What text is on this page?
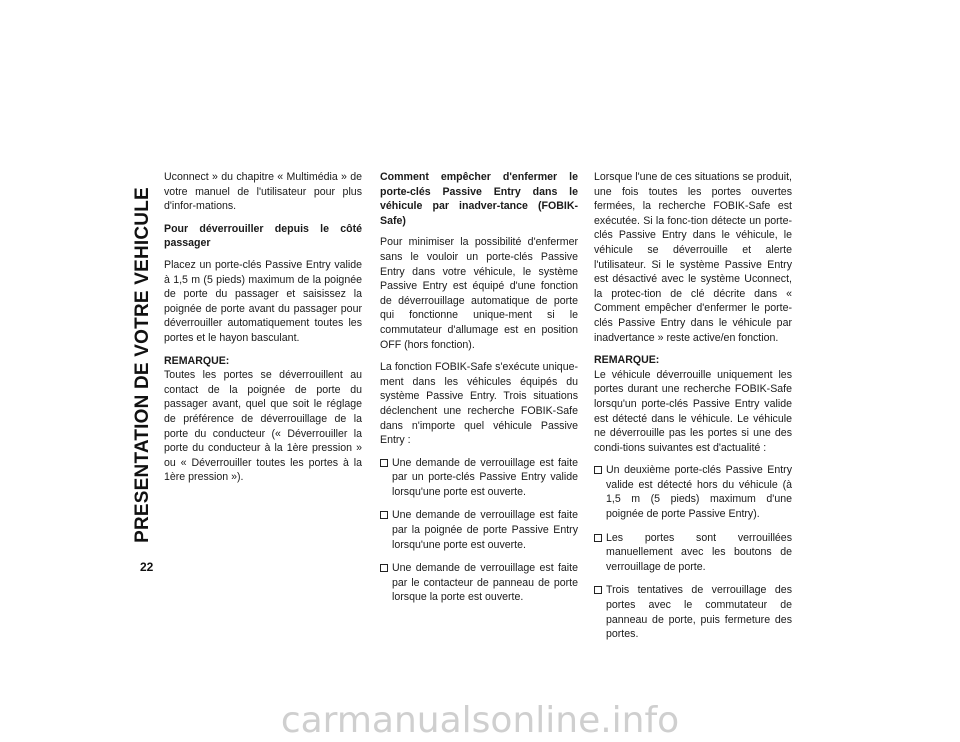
PRESENTATION DE VOTRE VEHICULE
22

Uconnect » du chapitre « Multimédia » de votre manuel de l'utilisateur pour plus d'infor-mations.

Pour déverrouiller depuis le côté passager

Placez un porte-clés Passive Entry valide à 1,5 m (5 pieds) maximum de la poignée de porte du passager et saisissez la poignée de porte avant du passager pour déverrouiller automatiquement toutes les portes et le hayon basculant.

REMARQUE:
Toutes les portes se déverrouillent au contact de la poignée de porte du passager avant, quel que soit le réglage de préférence de déverrouillage de la porte du conducteur (« Déverrouiller la porte du conducteur à la 1ère pression » ou « Déverrouiller toutes les portes à la 1ère pression »).

Comment empêcher d'enfermer le porte-clés Passive Entry dans le véhicule par inadver-tance (FOBIK-Safe)

Pour minimiser la possibilité d'enfermer sans le vouloir un porte-clés Passive Entry dans votre véhicule, le système Passive Entry est équipé d'une fonction de déverrouillage automatique de porte qui fonctionne unique-ment si le commutateur d'allumage est en position OFF (hors fonction).

La fonction FOBIK-Safe s'exécute unique-ment dans les véhicules équipés du système Passive Entry. Trois situations déclenchent une recherche FOBIK-Safe dans n'importe quel véhicule Passive Entry :

Une demande de verrouillage est faite par un porte-clés Passive Entry valide lorsqu'une porte est ouverte.
Une demande de verrouillage est faite par la poignée de porte Passive Entry lorsqu'une porte est ouverte.
Une demande de verrouillage est faite par le contacteur de panneau de porte lorsque la porte est ouverte.

Lorsque l'une de ces situations se produit, une fois toutes les portes ouvertes fermées, la recherche FOBIK-Safe est exécutée. Si la fonc-tion détecte un porte-clés Passive Entry dans le véhicule, le véhicule se déverrouille et alerte l'utilisateur. Si le système Passive Entry est désactivé avec le système Uconnect, la protec-tion de clé décrite dans « Comment empêcher d'enfermer le porte-clés Passive Entry dans le véhicule par inadvertance » reste active/en fonction.

REMARQUE:
Le véhicule déverrouille uniquement les portes durant une recherche FOBIK-Safe lorsqu'un porte-clés Passive Entry valide est détecté dans le véhicule. Le véhicule ne déverrouille pas les portes si une des condi-tions suivantes est d'actualité :

Un deuxième porte-clés Passive Entry valide est détecté hors du véhicule (à 1,5 m (5 pieds) maximum d'une poignée de porte Passive Entry).
Les portes sont verrouillées manuellement avec les boutons de verrouillage de porte.
Trois tentatives de verrouillage des portes avec le commutateur de panneau de porte, puis fermeture des portes.
carmanualsonline.info
